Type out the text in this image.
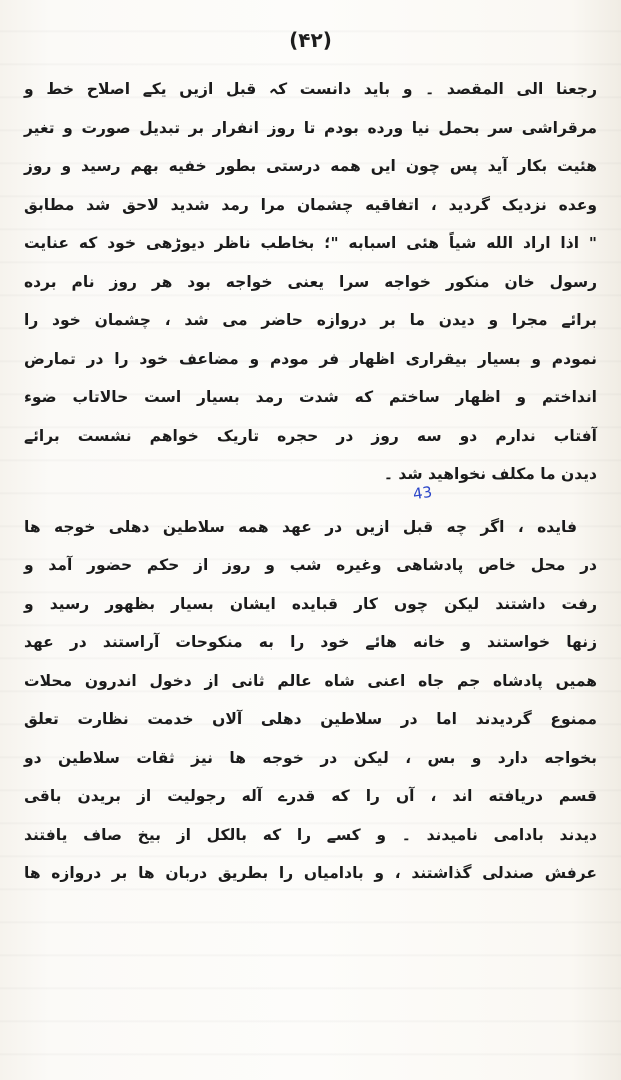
(۴۲)
رجعنا الی المقصد ۔ و باید دانست کہ قبل ازیں یکے اصلاح خط و
مرقراشی سر بحمل نیا ورده بودم تا روز انفرار بر تبدیل صورت و تغیر
هئیت بکار آید پس چون ایں همه درستی بطور خفیه بهم رسید و روز
وعده نزدیک گردید ، اتفاقیه چشمان مرا رمد شدید لاحق شد مطابق
" اذا اراد الله شیاً هئی اسبابه "؛ بخاطب ناظر دیوڑهی خود که عنایت
رسول خان منکور خواجه سرا یعنی خواجه بود هر روز نام برده
برائے مجرا و دیدن ما بر دروازه حاضر می شد ، چشمان خود را
نمودم و بسیار بیقراری اظهار فر مودم و مضاعف خود را در تمارض
انداختم و اظهار ساختم که شدت رمد بسیار است حالاتاب ضوء
آفتاب ندارم دو سه روز در حجره تاریک خواهم نشست برائے
دیدن ما مکلف نخواهید شد ۔
43
فایده ، اگر چه قبل ازیں در عهد همه سلاطین دهلی خوجه ها
در محل خاص پادشاهی وغیره شب و روز از حکم حضور آمد و
رفت داشتند لیکن چوں کار قبایده ایشان بسیار بظهور رسید و
زنها خواستند و خانه هائے خود را به منکوحات آراستند در عهد
همیں پادشاه جم جاه اعنی شاه عالم ثانی از دخول اندرون محلات
ممنوع گردیدند اما در سلاطین دهلی آلاں خدمت نظارت تعلق
بخواجه دارد و بس ، لیکن در خوجه ها نیز ثقات سلاطین دو
قسم دریافته اند ، آں را که قدرے آله رجولیت از بریدن باقی
دیدند بادامی نامیدند ۔ و کسے را که بالکل از بیخ صاف یافتند
عرفش صندلی گذاشتند ، و بادامیاں را بطریق دربان ها بر دروازه ها
